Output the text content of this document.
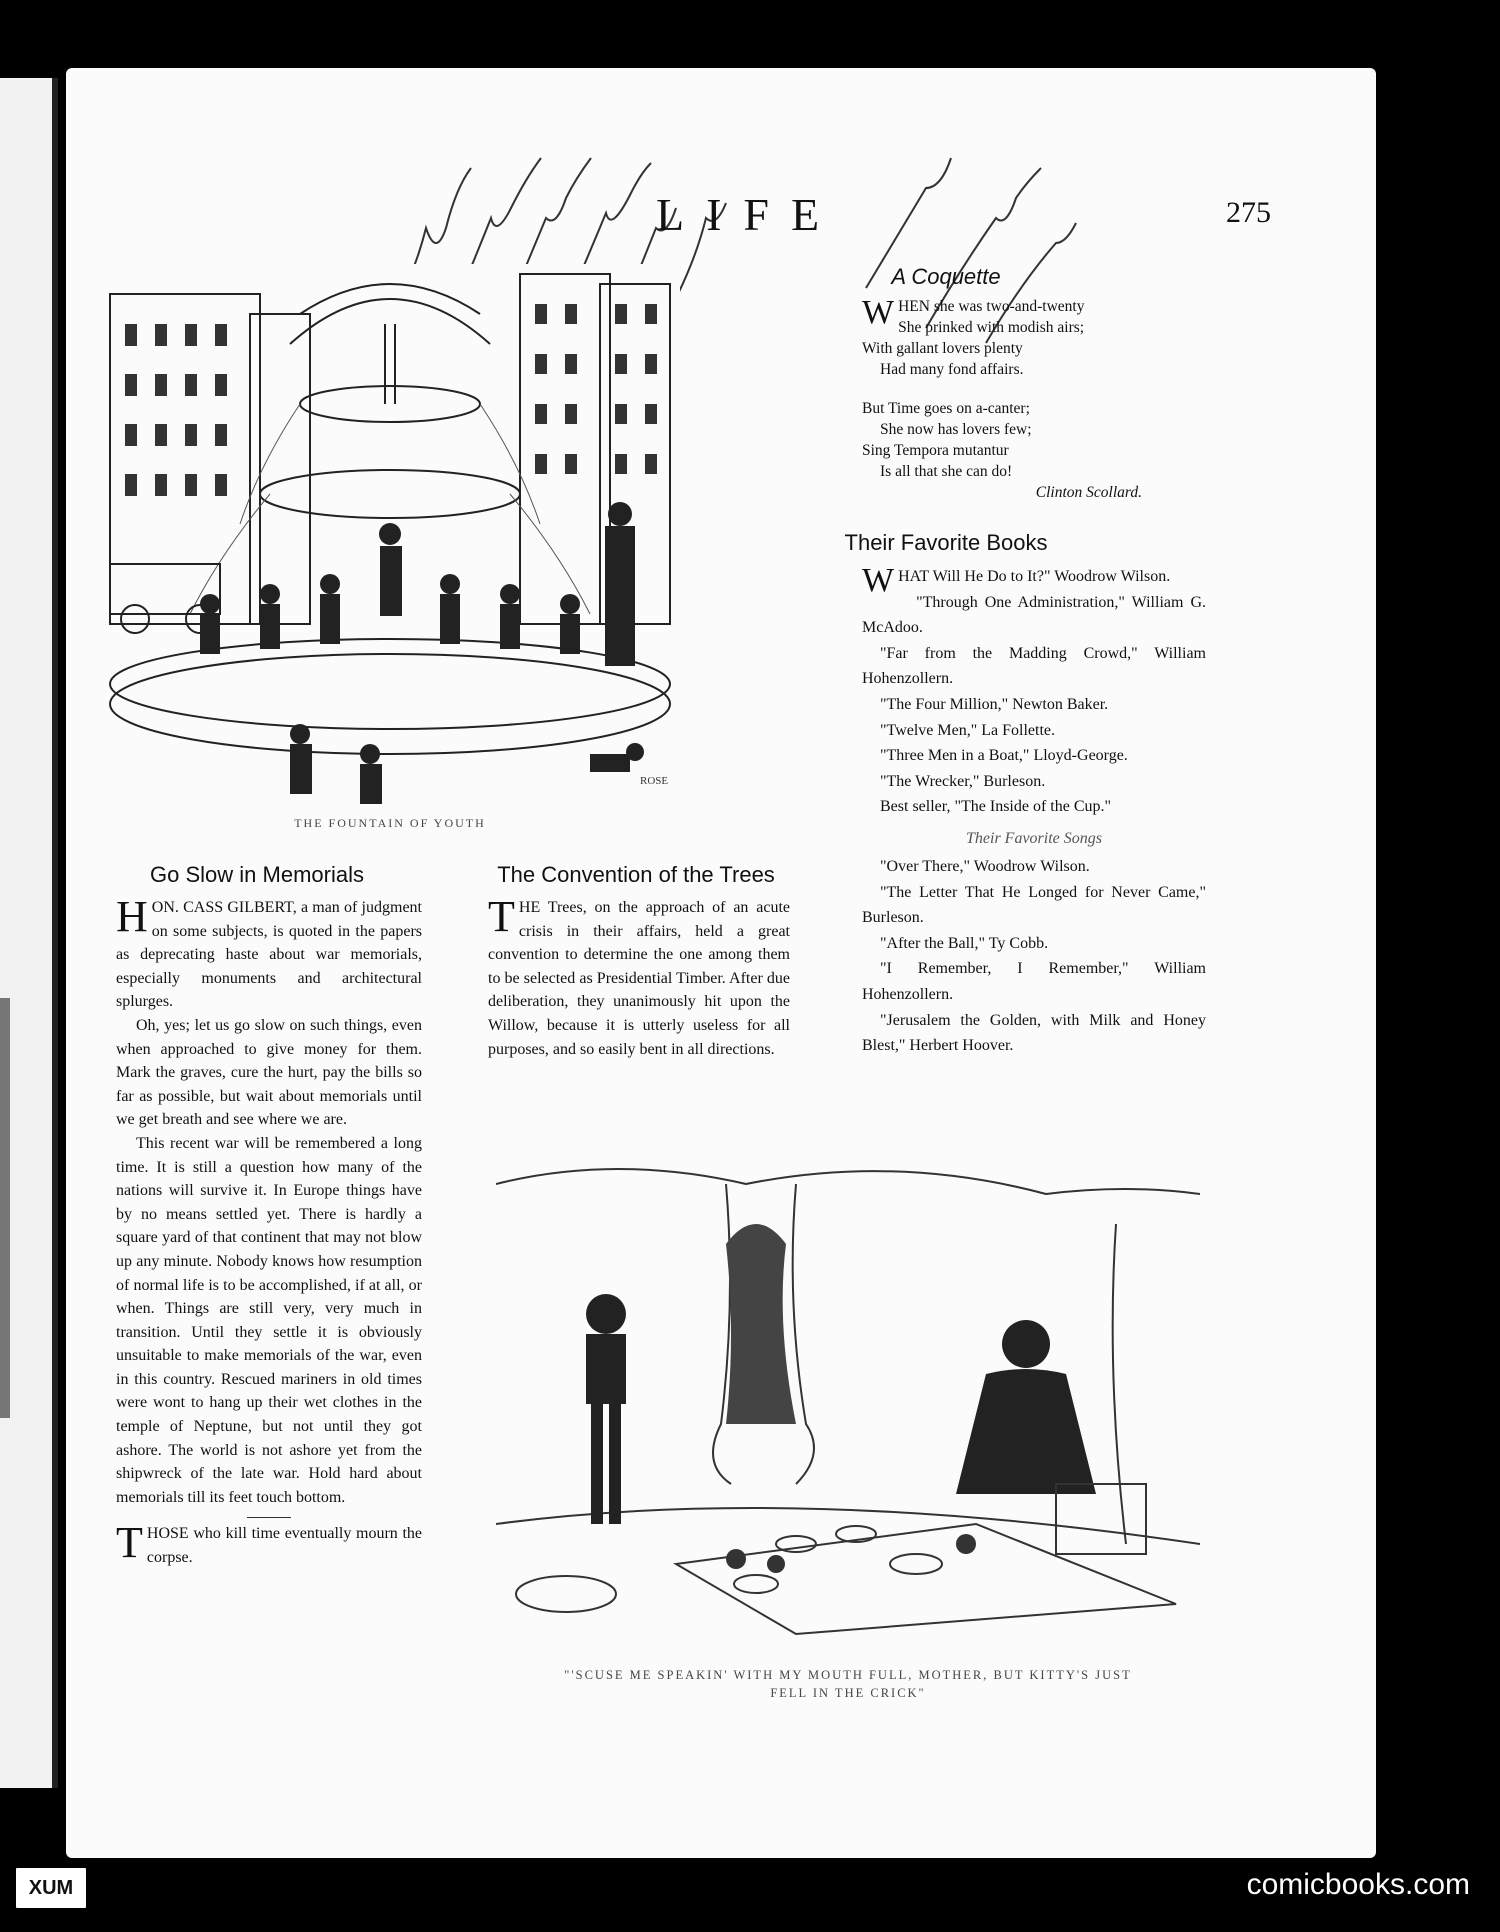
LIFE	275
ROSE
THE FOUNTAIN OF YOUTH
Go Slow in Memorials

HON. CASS GILBERT, a man of judgment on some subjects, is quoted in the papers as deprecating haste about war memorials, especially monuments and architectural splurges.

Oh, yes; let us go slow on such things, even when approached to give money for them. Mark the graves, cure the hurt, pay the bills so far as possible, but wait about memorials until we get breath and see where we are.

This recent war will be remembered a long time. It is still a question how many of the nations will survive it. In Europe things have by no means settled yet. There is hardly a square yard of that continent that may not blow up any minute. Nobody knows how resumption of normal life is to be accomplished, if at all, or when. Things are still very, very much in transition. Until they settle it is obviously unsuitable to make memorials of the war, even in this country. Rescued mariners in old times were wont to hang up their wet clothes in the temple of Neptune, but not until they got ashore. The world is not ashore yet from the shipwreck of the late war. Hold hard about memorials till its feet touch bottom.

THOSE who kill time eventually mourn the corpse.

The Convention of the Trees

THE Trees, on the approach of an acute crisis in their affairs, held a great convention to determine the one among them to be selected as Presidential Timber. After due deliberation, they unanimously hit upon the Willow, because it is utterly useless for all purposes, and so easily bent in all directions.

A Coquette
WHEN she was two-and-twenty
She prinked with modish airs;
With gallant lovers plenty
Had many fond affairs.
But Time goes on a-canter;
She now has lovers few;
Sing Tempora mutantur
Is all that she can do!
Clinton Scollard.
Their Favorite Books
WHAT Will He Do to It?" Woodrow Wilson.
"Through One Administration," William G. McAdoo.
"Far from the Madding Crowd," William Hohenzollern.
"The Four Million," Newton Baker.
"Twelve Men," La Follette.
"Three Men in a Boat," Lloyd-George.
"The Wrecker," Burleson.
Best seller, "The Inside of the Cup."
Their Favorite Songs
"Over There," Woodrow Wilson.
"The Letter That He Longed for Never Came," Burleson.
"After the Ball," Ty Cobb.
"I Remember, I Remember," William Hohenzollern.
"Jerusalem the Golden, with Milk and Honey Blest," Herbert Hoover.
"'SCUSE ME SPEAKIN' WITH MY MOUTH FULL, MOTHER, BUT KITTY'S JUST
FELL IN THE CRICK"
XUM	comicbooks.com
